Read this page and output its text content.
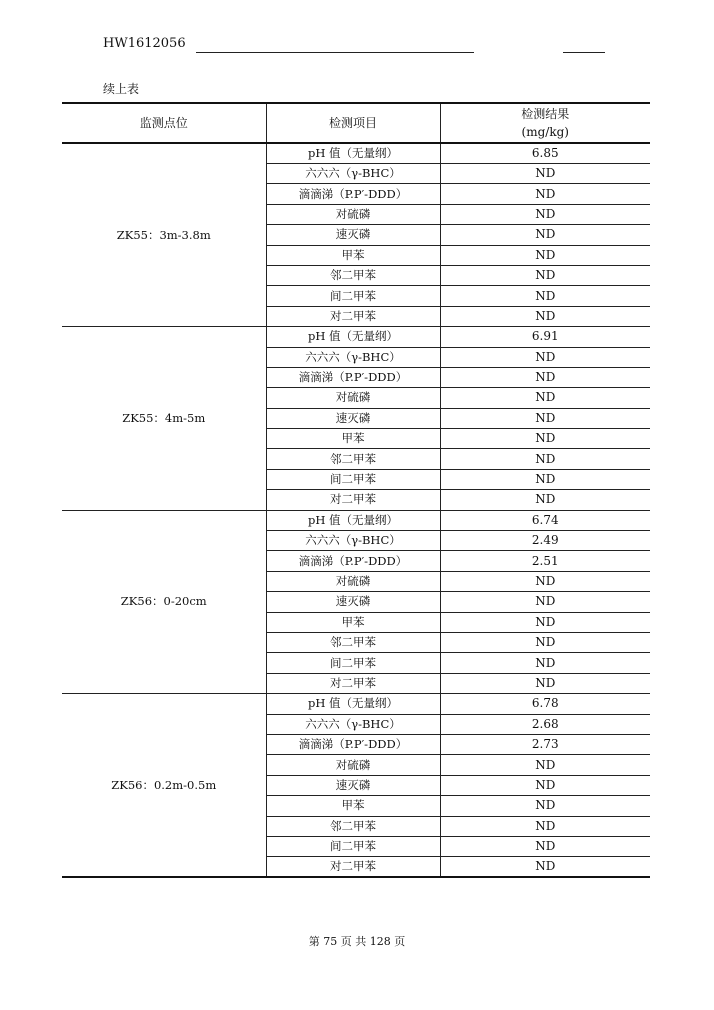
HW1612056
续上表
监测点位	检测项目	检测结果
(mg/kg)
ZK55：3m-3.8m	pH 值（无量纲）	6.85
	六六六（γ-BHC）	ND
	滴滴涕（P.P′-DDD）	ND
	对硫磷	ND
	速灭磷	ND
	甲苯	ND
	邻二甲苯	ND
	间二甲苯	ND
	对二甲苯	ND
ZK55：4m-5m	pH 值（无量纲）	6.91
	六六六（γ-BHC）	ND
	滴滴涕（P.P′-DDD）	ND
	对硫磷	ND
	速灭磷	ND
	甲苯	ND
	邻二甲苯	ND
	间二甲苯	ND
	对二甲苯	ND
ZK56：0-20cm	pH 值（无量纲）	6.74
	六六六（γ-BHC）	2.49
	滴滴涕（P.P′-DDD）	2.51
	对硫磷	ND
	速灭磷	ND
	甲苯	ND
	邻二甲苯	ND
	间二甲苯	ND
	对二甲苯	ND
ZK56：0.2m-0.5m	pH 值（无量纲）	6.78
	六六六（γ-BHC）	2.68
	滴滴涕（P.P′-DDD）	2.73
	对硫磷	ND
	速灭磷	ND
	甲苯	ND
	邻二甲苯	ND
	间二甲苯	ND
	对二甲苯	ND
第 75 页 共 128 页
